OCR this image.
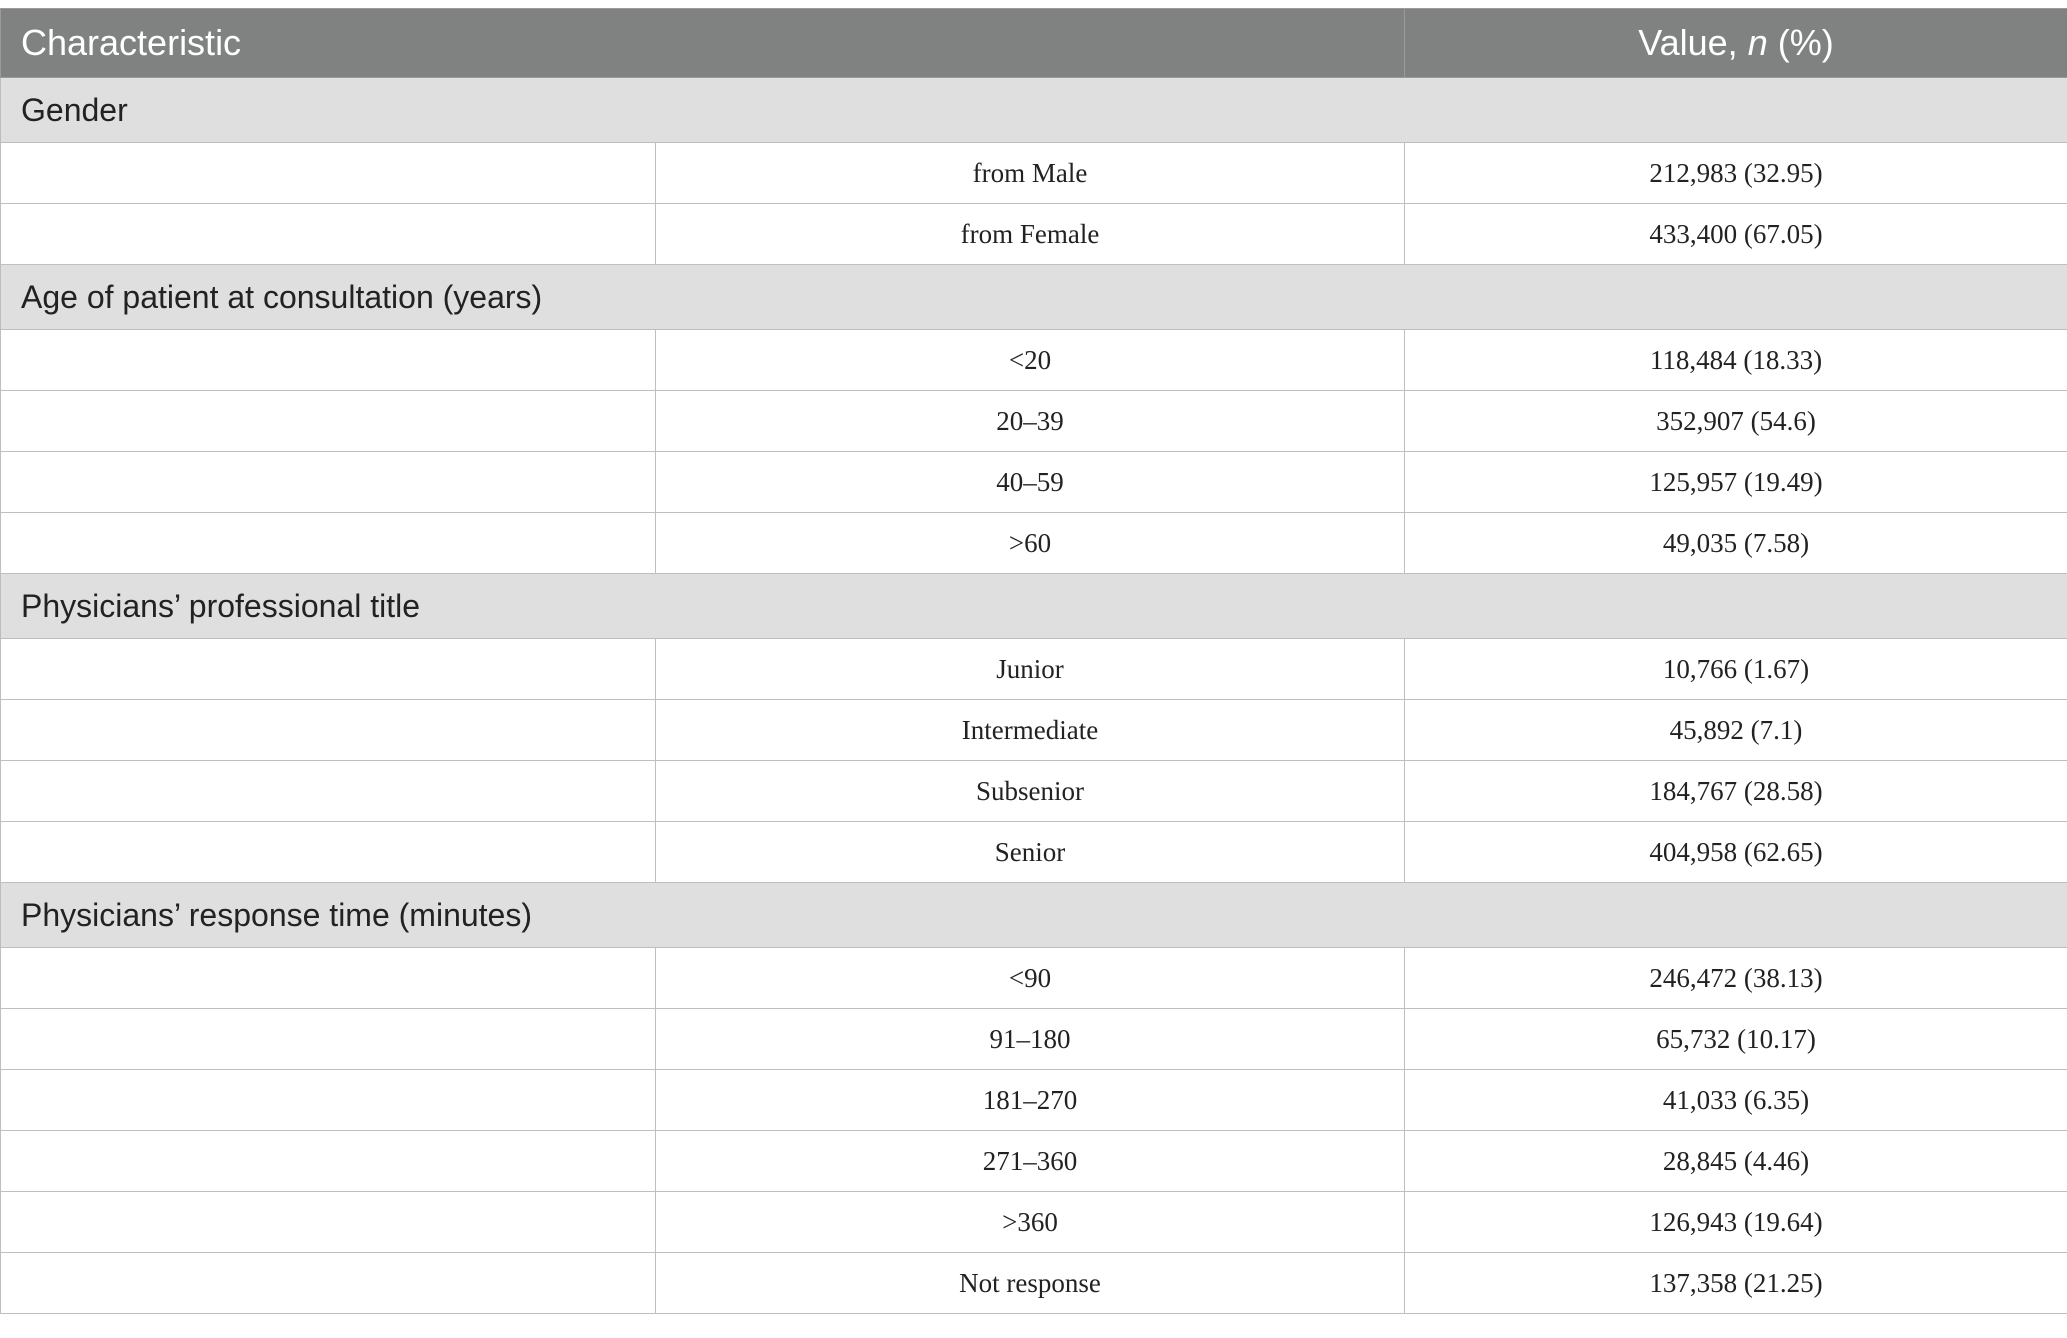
Characteristic		Value, n (%)
Gender		
	from Male	212,983 (32.95)
	from Female	433,400 (67.05)
Age of patient at consultation (years)		
	<20	118,484 (18.33)
	20–39	352,907 (54.6)
	40–59	125,957 (19.49)
	>60	49,035 (7.58)
Physicians’ professional title		
	Junior	10,766 (1.67)
	Intermediate	45,892 (7.1)
	Subsenior	184,767 (28.58)
	Senior	404,958 (62.65)
Physicians’ response time (minutes)		
	<90	246,472 (38.13)
	91–180	65,732 (10.17)
	181–270	41,033 (6.35)
	271–360	28,845 (4.46)
	>360	126,943 (19.64)
	Not response	137,358 (21.25)
